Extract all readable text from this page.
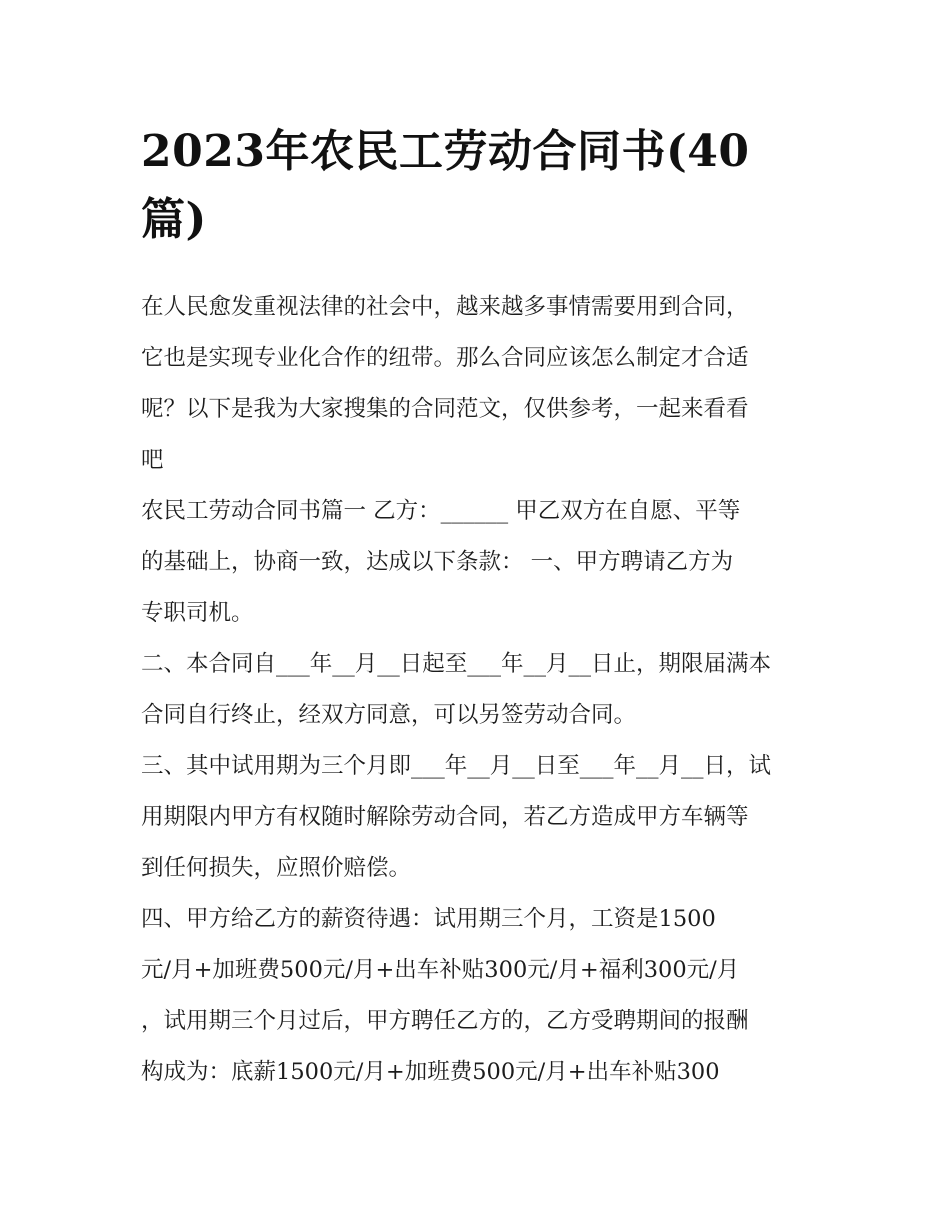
2023年农民工劳动合同书(40
篇)

在人民愈发重视法律的社会中，越来越多事情需要用到合同，
它也是实现专业化合作的纽带。那么合同应该怎么制定才合适
呢？以下是我为大家搜集的合同范文，仅供参考，一起来看看
吧

农民工劳动合同书篇一 乙方：______ 甲乙双方在自愿、平等
的基础上，协商一致，达成以下条款： 一、甲方聘请乙方为
专职司机。

二、本合同自___年__月__日起至___年__月__日止，期限届满本
合同自行终止，经双方同意，可以另签劳动合同。

三、其中试用期为三个月即___年__月__日至___年__月__日，试
用期限内甲方有权随时解除劳动合同，若乙方造成甲方车辆等
到任何损失，应照价赔偿。

四、甲方给乙方的薪资待遇：试用期三个月，工资是1500
元/月+加班费500元/月+出车补贴300元/月+福利300元/月
，试用期三个月过后，甲方聘任乙方的，乙方受聘期间的报酬
构成为：底薪1500元/月+加班费500元/月+出车补贴300
